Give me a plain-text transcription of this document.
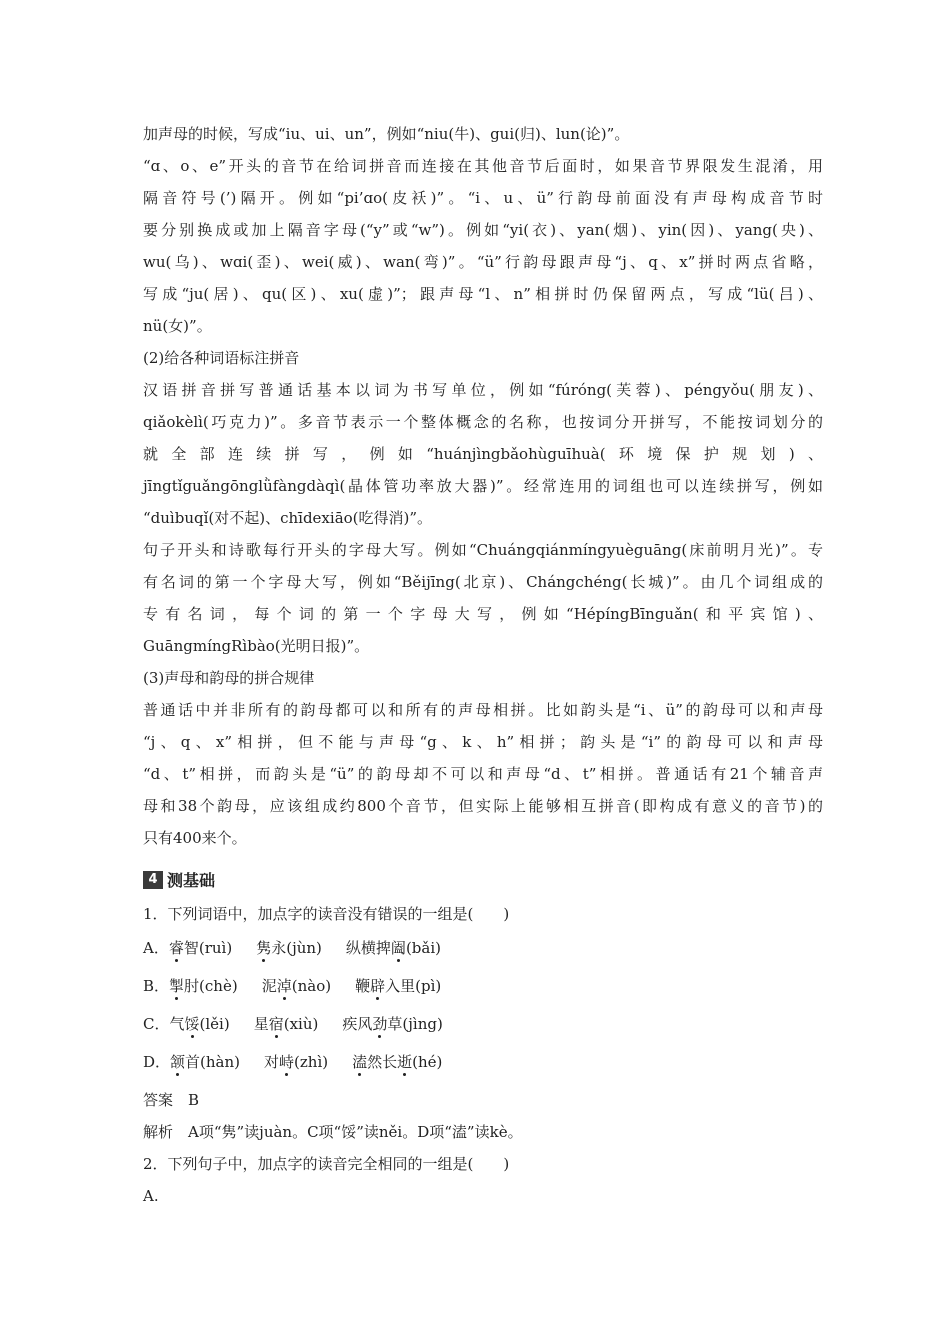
加声母的时候，写成“iu、ui、un”，例如“niu(牛)、gui(归)、lun(论)”。
“ɑ、o、e”开头的音节在给词拼音而连接在其他音节后面时，如果音节界限发生混淆，用
隔音符号(’)隔开。例如“pi’ɑo(皮袄)”。“i、u、ü”行韵母前面没有声母构成音节时
要分别换成或加上隔音字母(“y”或“w”)。例如“yi(衣)、yan(烟)、yin(因)、yang(央)、
wu(乌)、wɑi(歪)、wei(威)、wan(弯)”。“ü”行韵母跟声母“j、q、x”拼时两点省略，
写成“ju(居)、qu(区)、xu(虚)”；跟声母“l、n”相拼时仍保留两点，写成“lü(吕)、
nü(女)”。
(2)给各种词语标注拼音
汉语拼音拼写普通话基本以词为书写单位，例如“fúróng(芙蓉)、péngyǒu(朋友)、
qiǎokèlì(巧克力)”。多音节表示一个整体概念的名称，也按词分开拼写，不能按词划分的
就全部连续拼写，例如“huánjìngbǎohùguīhuà(环境保护规划)、
jīngtǐguǎngōnglǜfàngdàqì(晶体管功率放大器)”。经常连用的词组也可以连续拼写，例如
“duìbuqǐ(对不起)、chīdexiāo(吃得消)”。
句子开头和诗歌每行开头的字母大写。例如“Chuángqiánmíngyuèguāng(床前明月光)”。专
有名词的第一个字母大写，例如“Běijīng(北京)、Chángchéng(长城)”。由几个词组成的
专有名词，每个词的第一个字母大写，例如“HépíngBīnguǎn(和平宾馆)、
GuāngmíngRìbào(光明日报)”。
(3)声母和韵母的拼合规律
普通话中并非所有的韵母都可以和所有的声母相拼。比如韵头是“i、ü”的韵母可以和声母
“j、q、x”相拼，但不能与声母“g、k、h”相拼；韵头是“i”的韵母可以和声母
“d、t”相拼，而韵头是“ü”的韵母却不可以和声母“d、t”相拼。普通话有21个辅音声
母和38个韵母，应该组成约800个音节，但实际上能够相互拼音(即构成有意义的音节)的
只有400来个。
4 测基础
1．下列词语中，加点字的读音没有错误的一组是(　　)
A．睿智(ruì) 隽永(jùn) 纵横捭阖(bǎi)
B．掣肘(chè) 泥淖(nào) 鞭辟入里(pì)
C．气馁(lěi) 星宿(xiù) 疾风劲草(jìng)
D．颔首(hàn) 对峙(zhì) 溘然长逝(hé)
答案　B
解析　A项“隽”读juàn。C项“馁”读něi。D项“溘”读kè。
2．下列句子中，加点字的读音完全相同的一组是(　　)
A.
